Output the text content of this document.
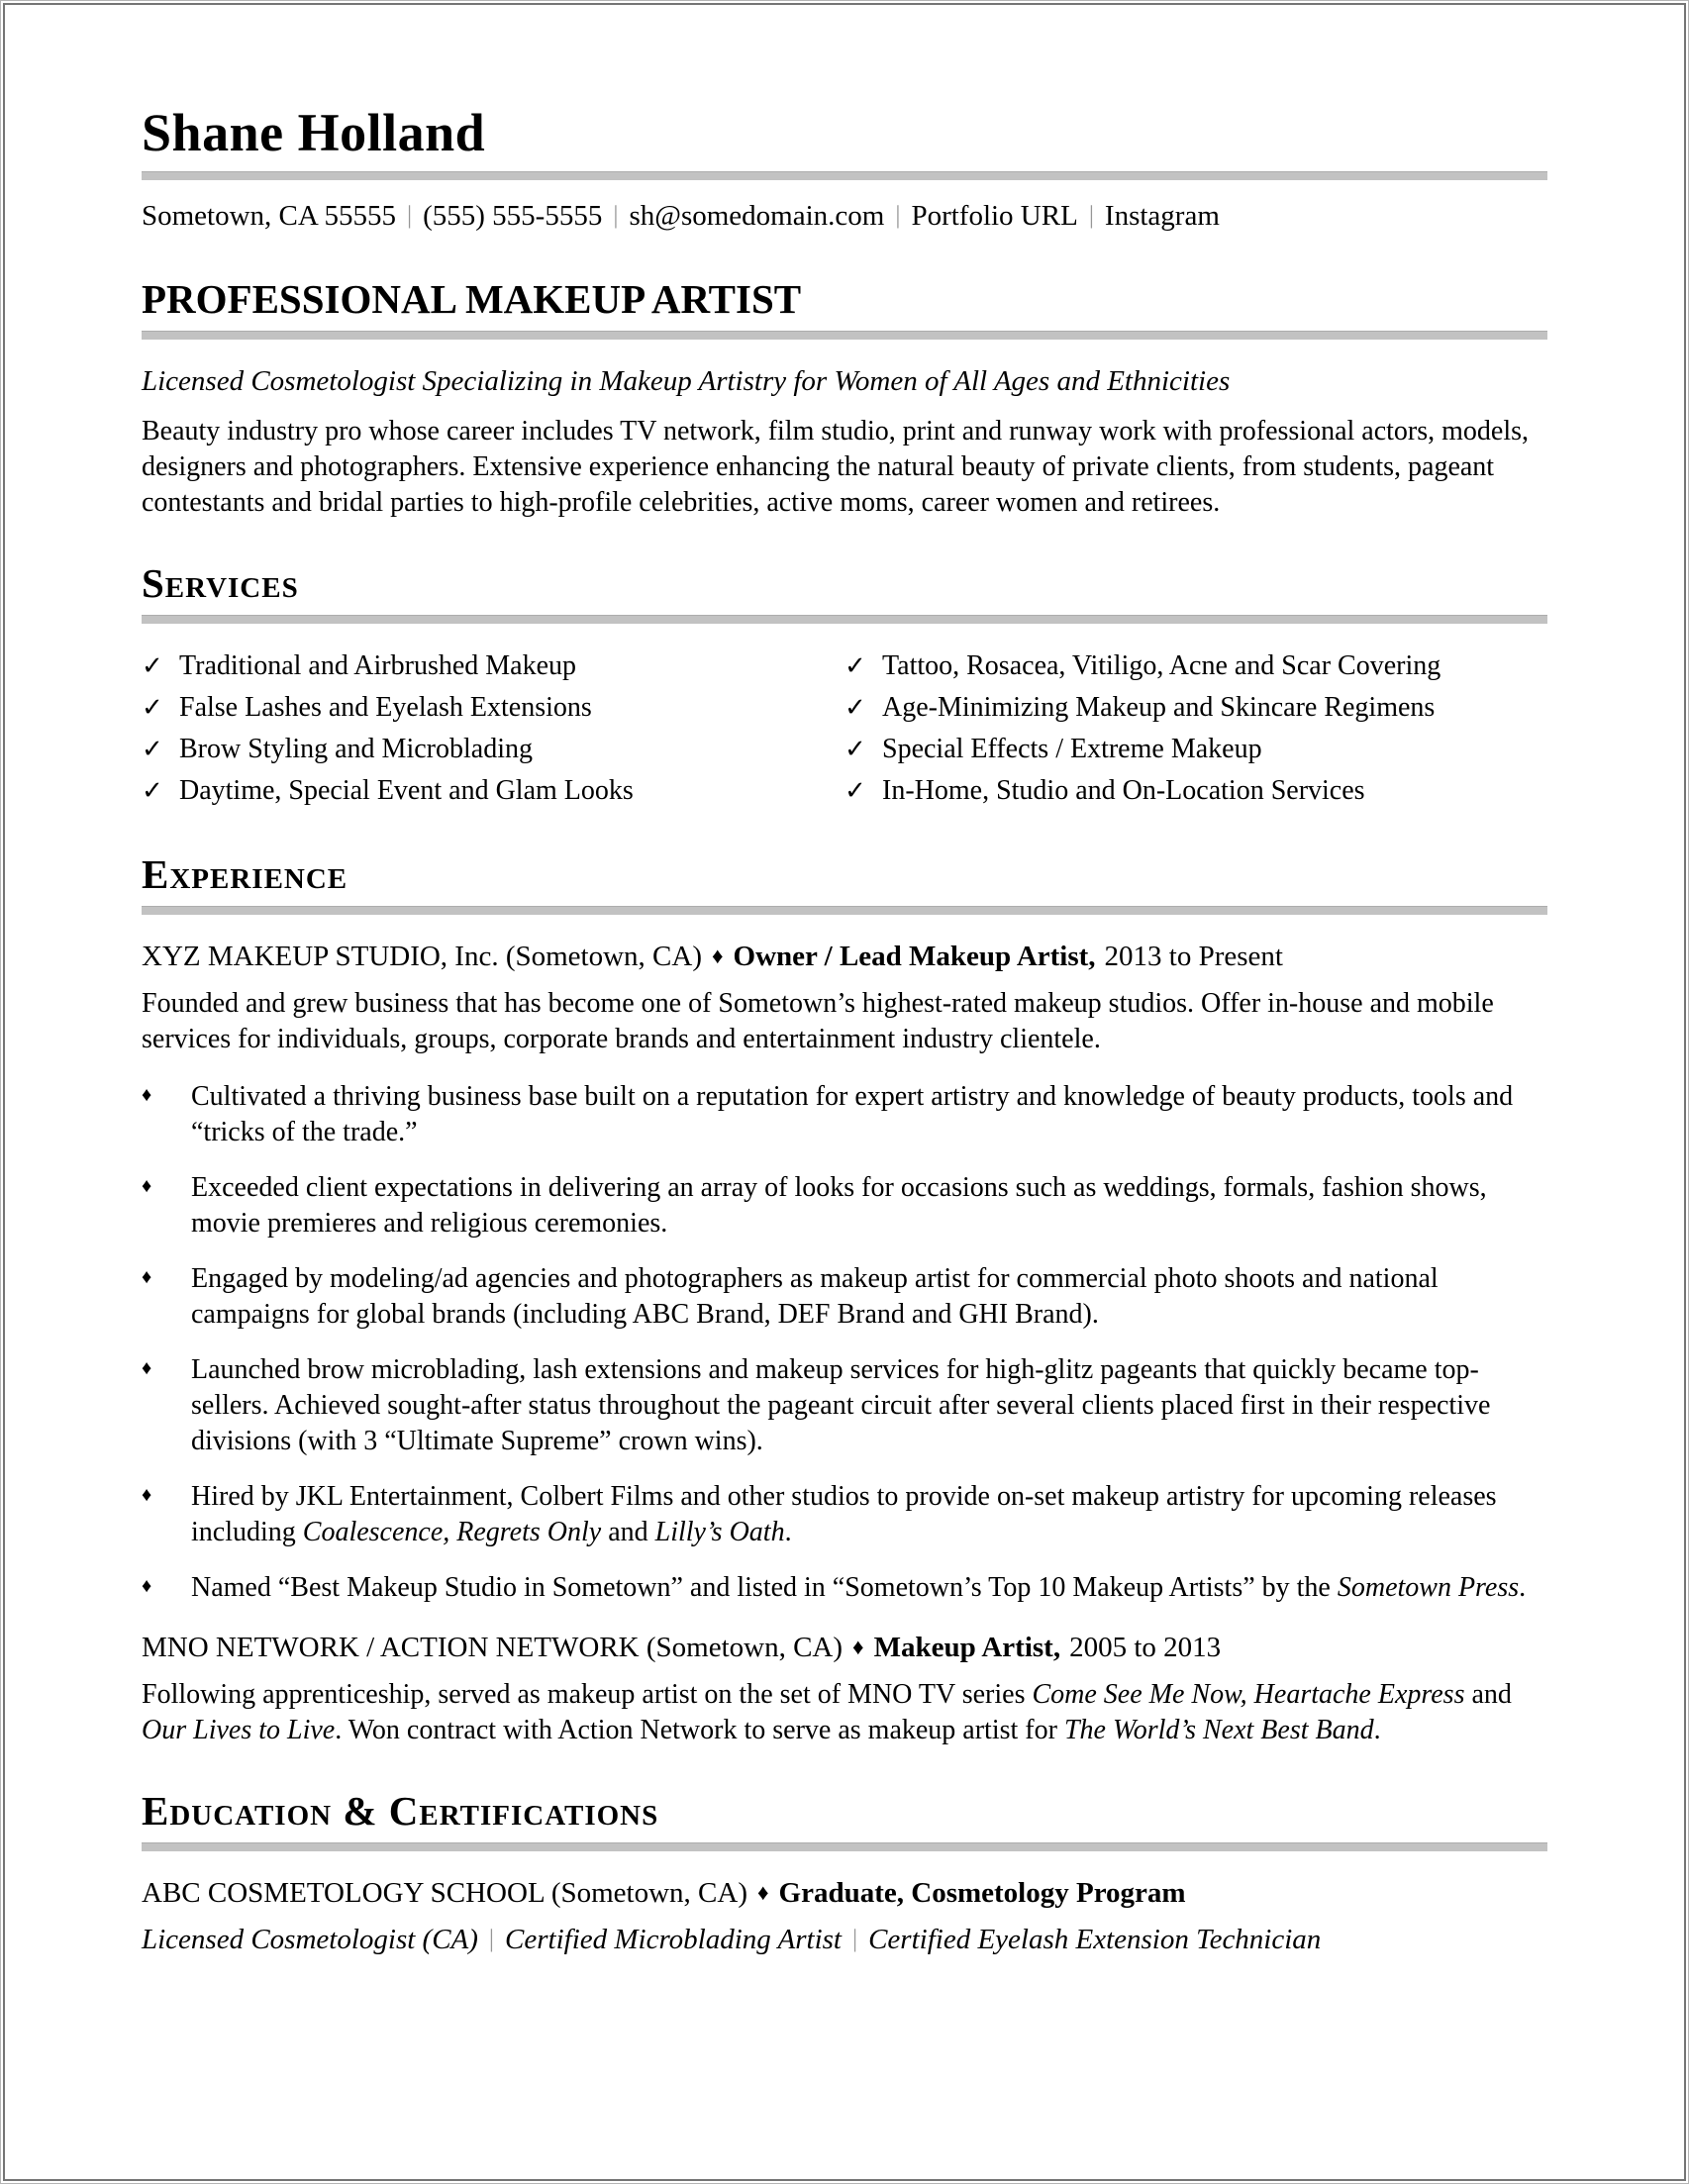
Shane Holland

Sometown, CA 55555 | (555) 555-5555 | sh@somedomain.com | Portfolio URL | Instagram

PROFESSIONAL MAKEUP ARTIST

Licensed Cosmetologist Specializing in Makeup Artistry for Women of All Ages and Ethnicities

Beauty industry pro whose career includes TV network, film studio, print and runway work with professional actors, models, designers and photographers. Extensive experience enhancing the natural beauty of private clients, from students, pageant contestants and bridal parties to high-profile celebrities, active moms, career women and retirees.

Services
✓ Traditional and Airbrushed Makeup
✓ False Lashes and Eyelash Extensions
✓ Brow Styling and Microblading
✓ Daytime, Special Event and Glam Looks
✓ Tattoo, Rosacea, Vitiligo, Acne and Scar Covering
✓ Age-Minimizing Makeup and Skincare Regimens
✓ Special Effects / Extreme Makeup
✓ In-Home, Studio and On-Location Services
Experience

XYZ MAKEUP STUDIO, Inc. (Sometown, CA) ♦ Owner / Lead Makeup Artist, 2013 to Present

Founded and grew business that has become one of Sometown’s highest-rated makeup studios. Offer in-house and mobile services for individuals, groups, corporate brands and entertainment industry clientele.

♦	Cultivated a thriving business base built on a reputation for expert artistry and knowledge of beauty products, tools and “tricks of the trade.”

♦	Exceeded client expectations in delivering an array of looks for occasions such as weddings, formals, fashion shows, movie premieres and religious ceremonies.

♦	Engaged by modeling/ad agencies and photographers as makeup artist for commercial photo shoots and national campaigns for global brands (including ABC Brand, DEF Brand and GHI Brand).

♦	Launched brow microblading, lash extensions and makeup services for high-glitz pageants that quickly became top-sellers. Achieved sought-after status throughout the pageant circuit after several clients placed first in their respective divisions (with 3 “Ultimate Supreme” crown wins).

♦	Hired by JKL Entertainment, Colbert Films and other studios to provide on-set makeup artistry for upcoming releases including Coalescence, Regrets Only and Lilly’s Oath.

♦	Named “Best Makeup Studio in Sometown” and listed in “Sometown’s Top 10 Makeup Artists” by the Sometown Press.

MNO NETWORK / ACTION NETWORK (Sometown, CA) ♦ Makeup Artist, 2005 to 2013

Following apprenticeship, served as makeup artist on the set of MNO TV series Come See Me Now, Heartache Express and Our Lives to Live. Won contract with Action Network to serve as makeup artist for The World’s Next Best Band.

Education & Certifications

ABC COSMETOLOGY SCHOOL (Sometown, CA) ♦ Graduate, Cosmetology Program

Licensed Cosmetologist (CA) | Certified Microblading Artist | Certified Eyelash Extension Technician
